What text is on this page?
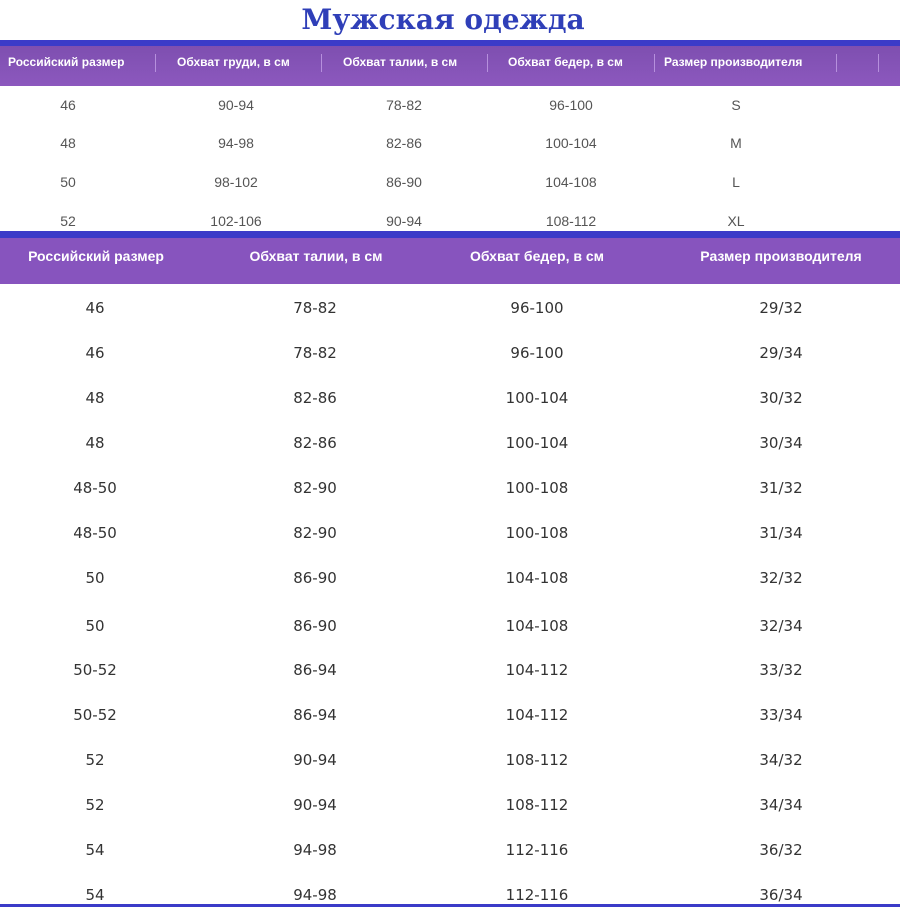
Мужская одежда
Российский размер	Обхват груди, в см	Обхват талии, в см	Обхват бедер, в см	Размер производителя
46	90-94	78-82	96-100	S
48	94-98	82-86	100-104	M
50	98-102	86-90	104-108	L
52	102-106	90-94	108-112	XL
Российский размер	Обхват талии, в см	Обхват бедер, в см	Размер производителя
46	78-82	96-100	29/32
46	78-82	96-100	29/34
48	82-86	100-104	30/32
48	82-86	100-104	30/34
48-50	82-90	100-108	31/32
48-50	82-90	100-108	31/34
50	86-90	104-108	32/32
50	86-90	104-108	32/34
50-52	86-94	104-112	33/32
50-52	86-94	104-112	33/34
52	90-94	108-112	34/32
52	90-94	108-112	34/34
54	94-98	112-116	36/32
54	94-98	112-116	36/34
